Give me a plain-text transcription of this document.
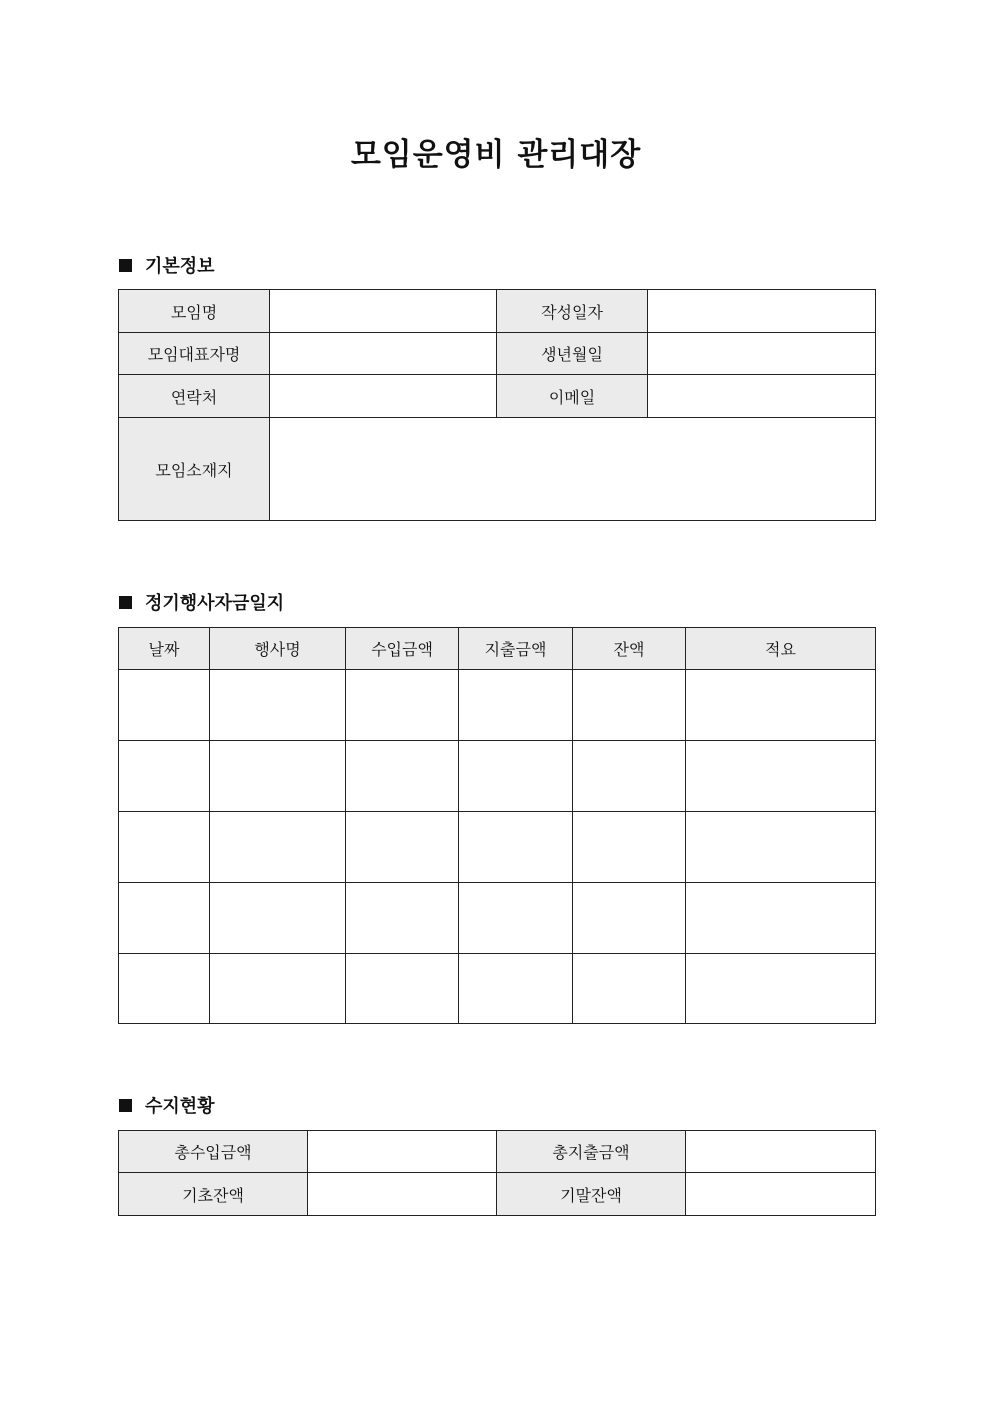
모임운영비 관리대장
기본정보
모임명		작성일자	
모임대표자명		생년월일	
연락처		이메일	
모임소재지			
정기행사자금일지
날짜	행사명	수입금액	지출금액	잔액	적요

수지현황
총수입금액		총지출금액	
기초잔액		기말잔액	
